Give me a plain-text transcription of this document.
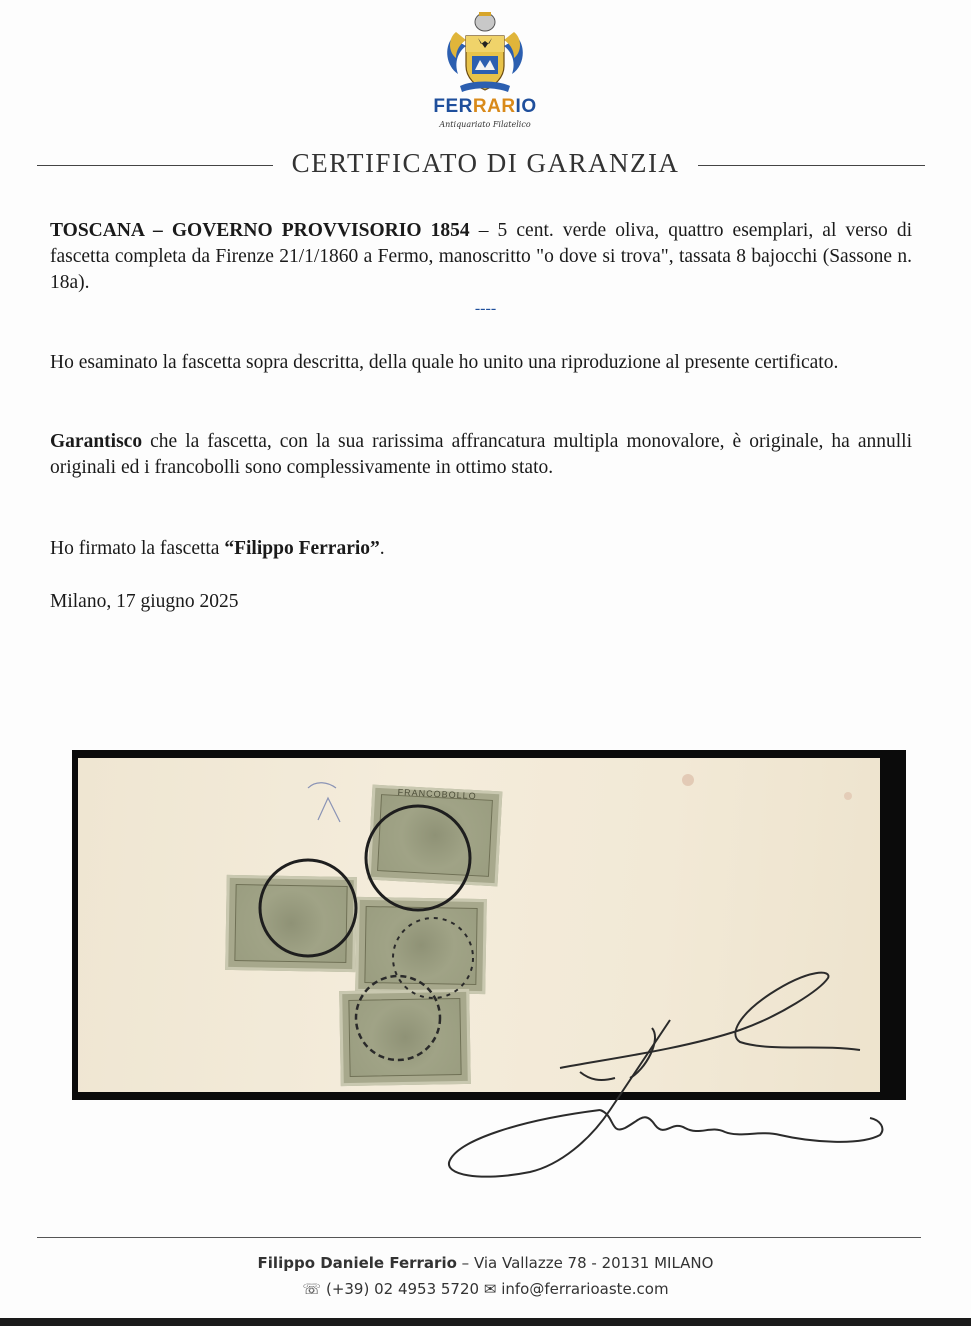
FERRARIO
Antiquariato Filatelico
CERTIFICATO DI GARANZIA
TOSCANA – GOVERNO PROVVISORIO 1854 – 5 cent. verde oliva, quattro esemplari, al verso di fascetta completa da Firenze 21/1/1860 a Fermo, manoscritto "o dove si trova", tassata 8 bajocchi (Sassone n. 18a).
----
Ho esaminato la fascetta sopra descritta, della quale ho unito una riproduzione al presente certificato.
Garantisco che la fascetta, con la sua rarissima affrancatura multipla monovalore, è originale, ha annulli originali ed i francobolli sono complessivamente in ottimo stato.
Ho firmato la fascetta “Filippo Ferrario”.
Milano, 17 giugno 2025
FRANCOBOLLO
Filippo Daniele Ferrario – Via Vallazze 78 - 20131 MILANO
☏ (+39) 02 4953 5720 ✉ info@ferrarioaste.com
